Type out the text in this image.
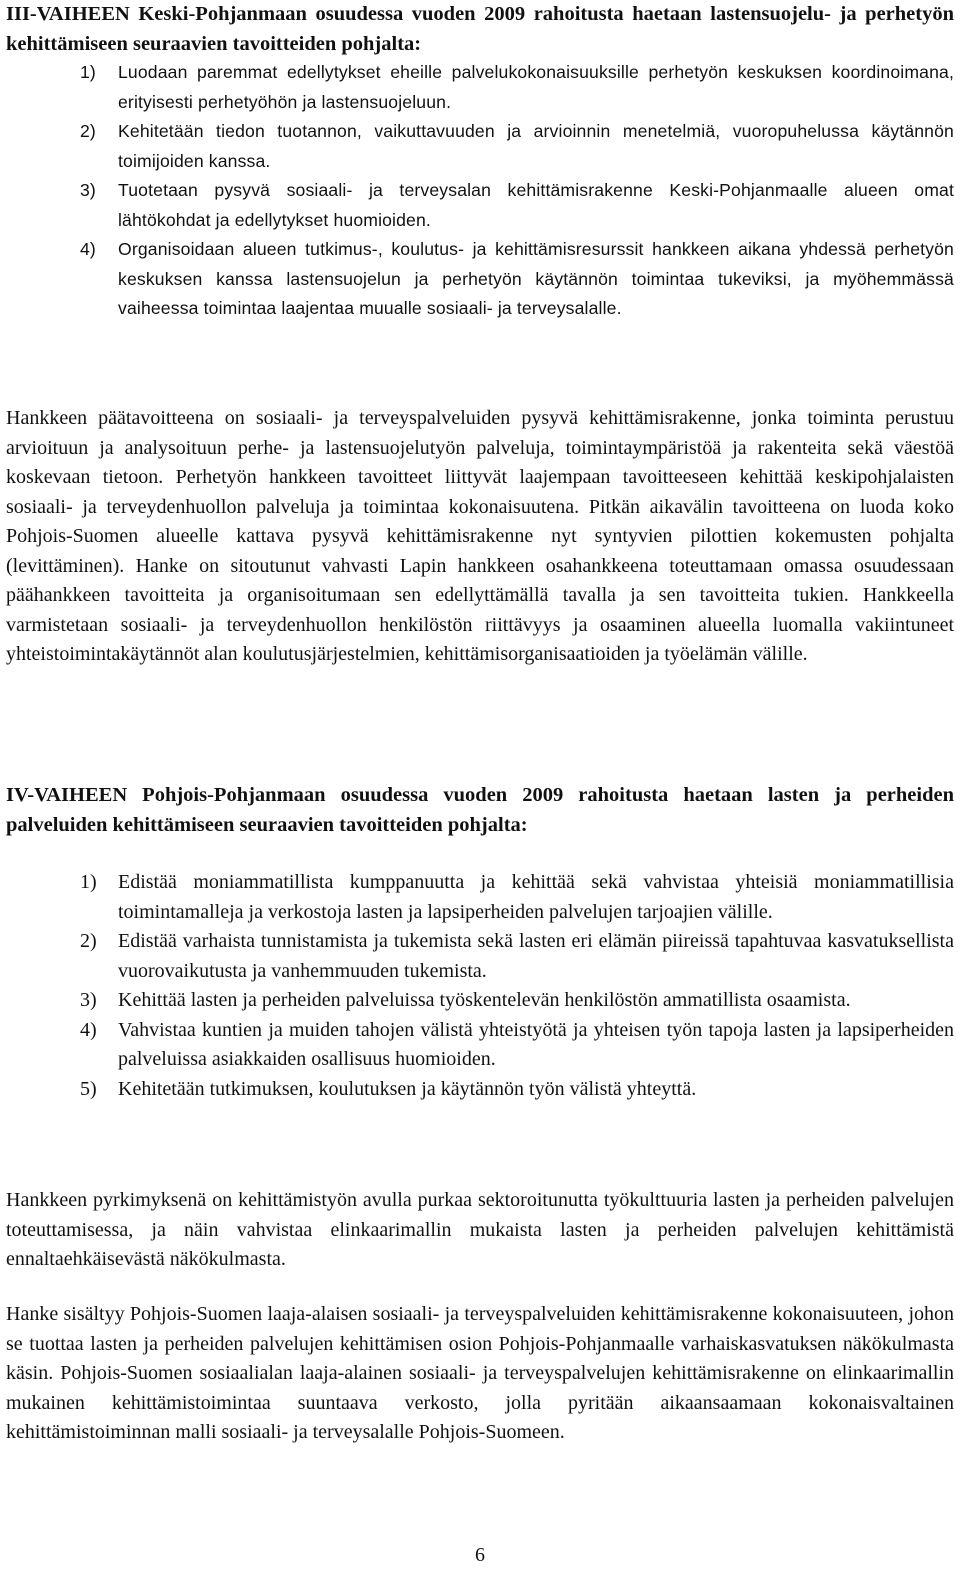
III-VAIHEEN Keski-Pohjanmaan osuudessa vuoden 2009 rahoitusta haetaan lastensuojelu- ja perhetyön kehittämiseen seuraavien tavoitteiden pohjalta:
1) Luodaan paremmat edellytykset eheille palvelukokonaisuuksille perhetyön keskuksen koordinoimana, erityisesti perhetyöhön ja lastensuojeluun.
2) Kehitetään tiedon tuotannon, vaikuttavuuden ja arvioinnin menetelmiä, vuoropuhelussa käytännön toimijoiden kanssa.
3) Tuotetaan pysyvä sosiaali- ja terveysalan kehittämisrakenne Keski-Pohjanmaalle alueen omat lähtökohdat ja edellytykset huomioiden.
4) Organisoidaan alueen tutkimus-, koulutus- ja kehittämisresurssit hankkeen aikana yhdessä perhetyön keskuksen kanssa lastensuojelun ja perhetyön käytännön toimintaa tukeviksi, ja myöhemmässä vaiheessa toimintaa laajentaa muualle sosiaali- ja terveysalalle.

Hankkeen päätavoitteena on sosiaali- ja terveyspalveluiden pysyvä kehittämisrakenne, jonka toiminta perustuu arvioituun ja analysoituun perhe- ja lastensuojelutyön palveluja, toimintaympäristöä ja rakenteita sekä väestöä koskevaan tietoon. Perhetyön hankkeen tavoitteet liittyvät laajempaan tavoitteeseen kehittää keskipohjalaisten sosiaali- ja terveydenhuollon palveluja ja toimintaa kokonaisuutena. Pitkän aikavälin tavoitteena on luoda koko Pohjois-Suomen alueelle kattava pysyvä kehittämisrakenne nyt syntyvien pilottien kokemusten pohjalta (levittäminen). Hanke on sitoutunut vahvasti Lapin hankkeen osahankkeena toteuttamaan omassa osuudessaan päähankkeen tavoitteita ja organisoitumaan sen edellyttämällä tavalla ja sen tavoitteita tukien. Hankkeella varmistetaan sosiaali- ja terveydenhuollon henkilöstön riittävyys ja osaaminen alueella luomalla vakiintuneet yhteistoimintakäytännöt alan koulutusjärjestelmien, kehittämisorganisaatioiden ja työelämän välille.

IV-VAIHEEN Pohjois-Pohjanmaan osuudessa vuoden 2009 rahoitusta haetaan lasten ja perheiden palveluiden kehittämiseen seuraavien tavoitteiden pohjalta:
1) Edistää moniammatillista kumppanuutta ja kehittää sekä vahvistaa yhteisiä moniammatillisia toimintamalleja ja verkostoja lasten ja lapsiperheiden palvelujen tarjoajien välille.
2) Edistää varhaista tunnistamista ja tukemista sekä lasten eri elämän piireissä tapahtuvaa kasvatuksellista vuorovaikutusta ja vanhemmuuden tukemista.
3) Kehittää lasten ja perheiden palveluissa työskentelevän henkilöstön ammatillista osaamista.
4) Vahvistaa kuntien ja muiden tahojen välistä yhteistyötä ja yhteisen työn tapoja lasten ja lapsiperheiden palveluissa asiakkaiden osallisuus huomioiden.
5) Kehitetään tutkimuksen, koulutuksen ja käytännön työn välistä yhteyttä.

Hankkeen pyrkimyksenä on kehittämistyön avulla purkaa sektoroitunutta työkulttuuria lasten ja perheiden palvelujen toteuttamisessa, ja näin vahvistaa elinkaarimallin mukaista lasten ja perheiden palvelujen kehittämistä ennaltaehkäisevästä näkökulmasta.

Hanke sisältyy Pohjois-Suomen laaja-alaisen sosiaali- ja terveyspalveluiden kehittämisrakenne kokonaisuuteen, johon se tuottaa lasten ja perheiden palvelujen kehittämisen osion Pohjois-Pohjanmaalle varhaiskasvatuksen näkökulmasta käsin. Pohjois-Suomen sosiaalialan laaja-alainen sosiaali- ja terveyspalvelujen kehittämisrakenne on elinkaarimallin mukainen kehittämistoimintaa suuntaava verkosto, jolla pyritään aikaansaamaan kokonaisvaltainen kehittämistoiminnan malli sosiaali- ja terveysalalle Pohjois-Suomeen.

6
